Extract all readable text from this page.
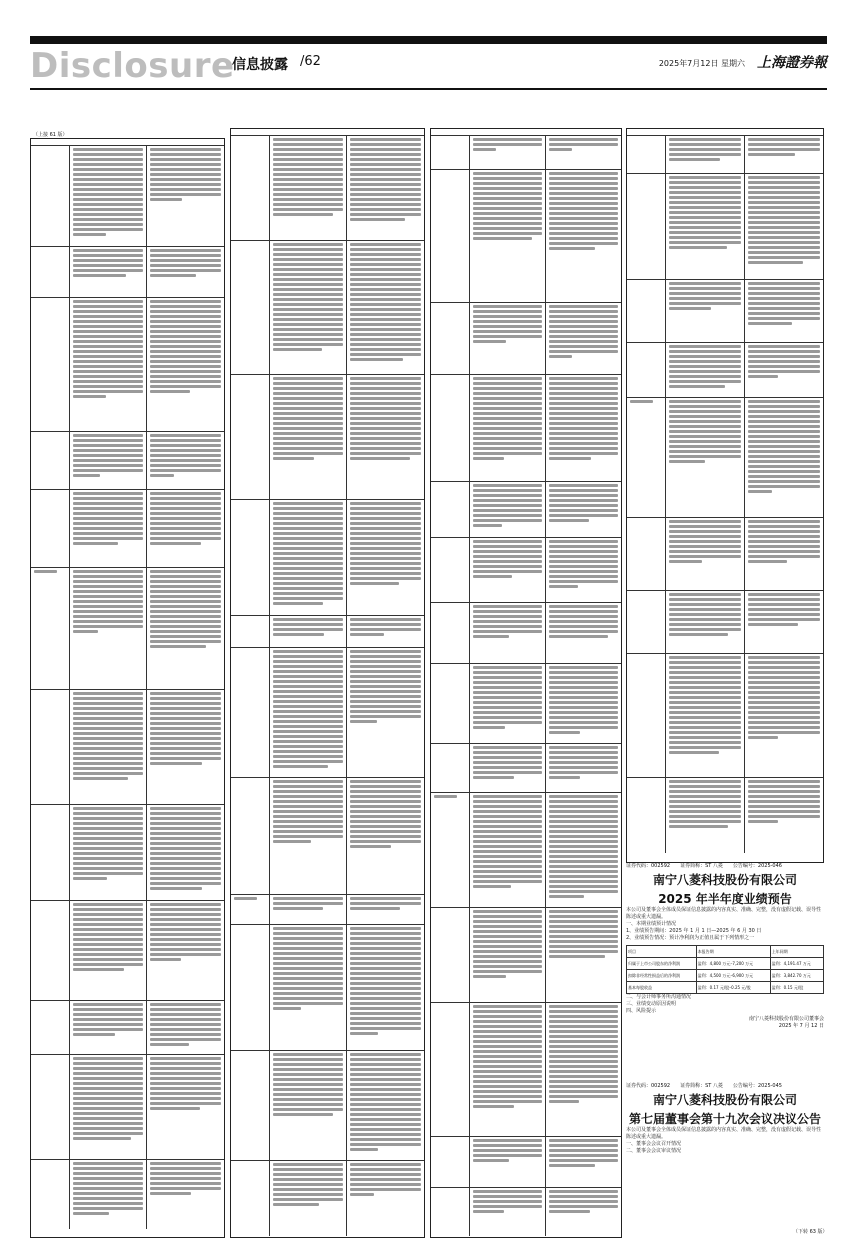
Disclosure
信息披露 /62	2025年7月12日 星期六 上海證券報
（上接 61 版）
证券代码：002592　　证券简称：ST 八菱　　公告编号：2025-046
南宁八菱科技股份有限公司
2025 年半年度业绩预告
本公司及董事会全体成员保证信息披露的内容真实、准确、完整，没有虚假记载、误导性陈述或重大遗漏。
一、本期业绩预计情况
1、业绩预告期间：2025 年 1 月 1 日—2025 年 6 月 30 日
2、业绩预告情况：预计净利润为正值且属于下列情形之一
项目	本报告期	上年同期
归属于上市公司股东的净利润	盈利：4,800 万元–7,200 万元	盈利：4,191.47 万元
扣除非经常性损益后的净利润	盈利：4,500 万元–6,900 万元	盈利：3,842.70 万元
基本每股收益	盈利：0.17 元/股–0.25 元/股	盈利：0.15 元/股
二、与会计师事务所沟通情况
三、业绩变动原因说明
四、风险提示
南宁八菱科技股份有限公司董事会
2025 年 7 月 12 日
证券代码：002592　　证券简称：ST 八菱　　公告编号：2025-045
南宁八菱科技股份有限公司
第七届董事会第十九次会议决议公告
本公司及董事会全体成员保证信息披露的内容真实、准确、完整，没有虚假记载、误导性陈述或重大遗漏。
一、董事会会议召开情况
二、董事会会议审议情况
（下转 63 版）
